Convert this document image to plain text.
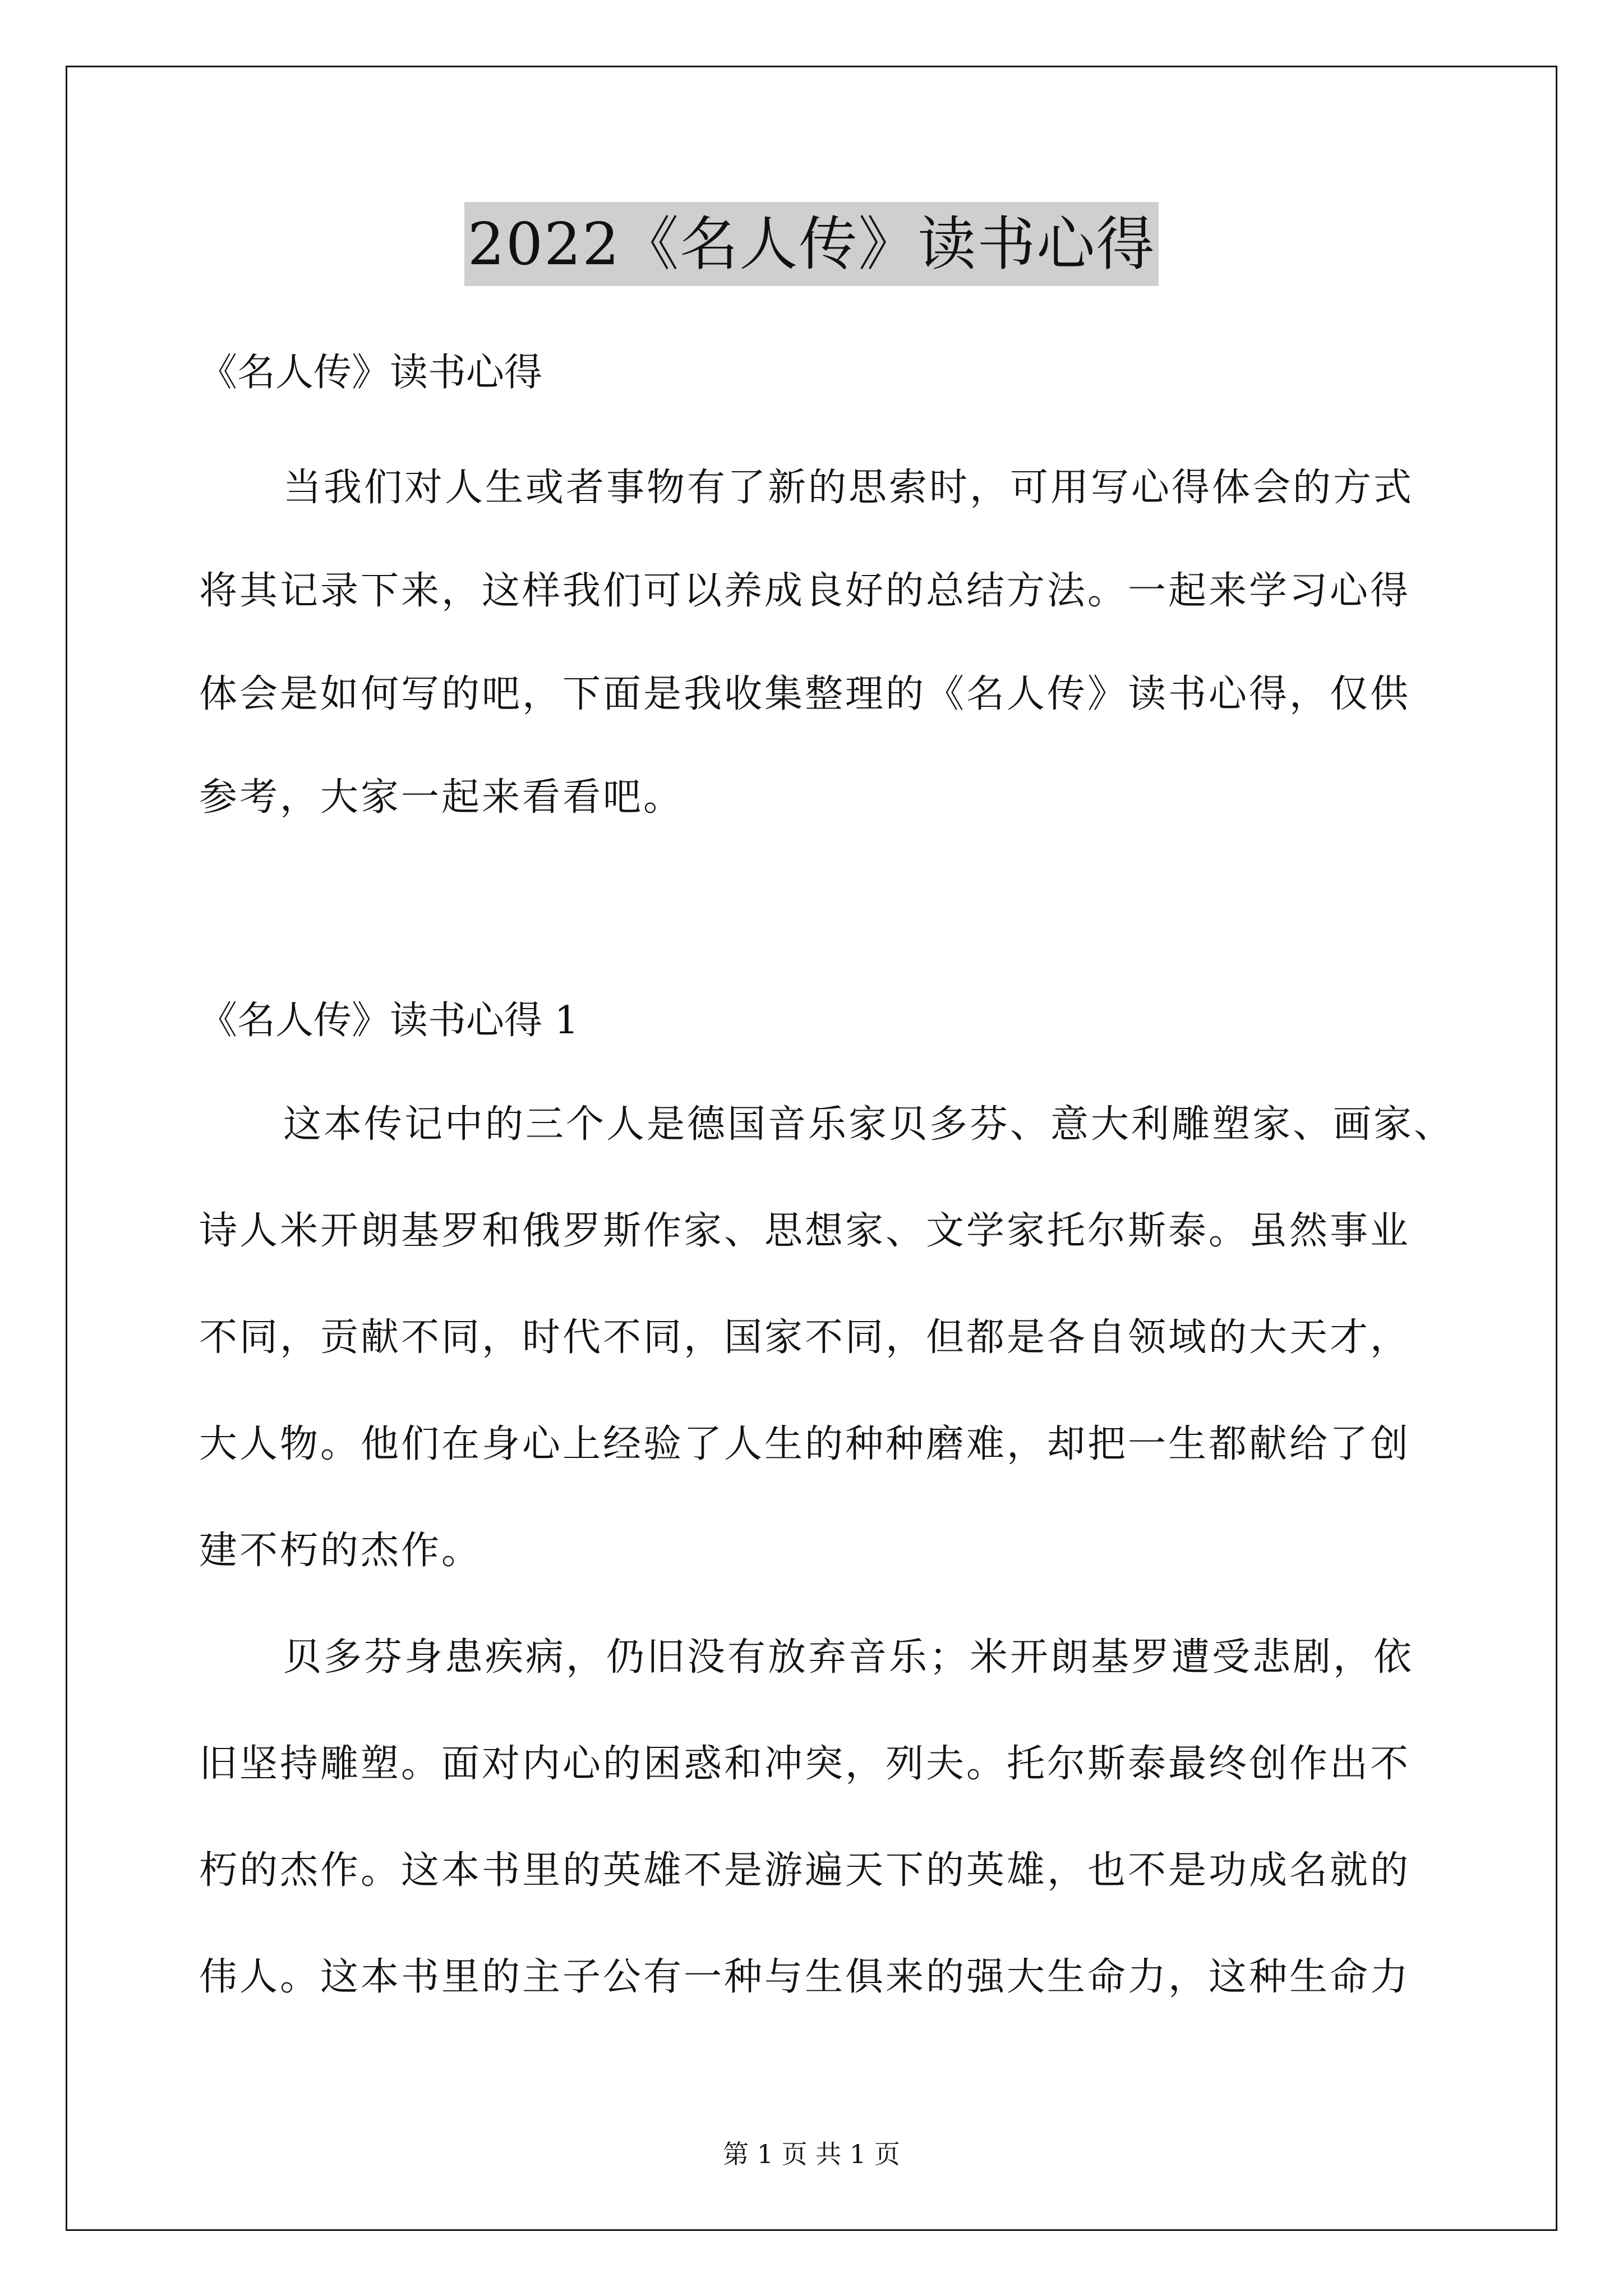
2022《名人传》读书心得
《名人传》读书心得
当我们对人生或者事物有了新的思索时，可用写心得体会的方式
将其记录下来，这样我们可以养成良好的总结方法。一起来学习心得
体会是如何写的吧，下面是我收集整理的《名人传》读书心得，仅供
参考，大家一起来看看吧。
《名人传》读书心得 1
这本传记中的三个人是德国音乐家贝多芬、意大利雕塑家、画家、
诗人米开朗基罗和俄罗斯作家、思想家、文学家托尔斯泰。虽然事业
不同，贡献不同，时代不同，国家不同，但都是各自领域的大天才，
大人物。他们在身心上经验了人生的种种磨难，却把一生都献给了创
建不朽的杰作。
贝多芬身患疾病，仍旧没有放弃音乐；米开朗基罗遭受悲剧，依
旧坚持雕塑。面对内心的困惑和冲突，列夫。托尔斯泰最终创作出不
朽的杰作。这本书里的英雄不是游遍天下的英雄，也不是功成名就的
伟人。这本书里的主子公有一种与生俱来的强大生命力，这种生命力
第 1 页 共 1 页
